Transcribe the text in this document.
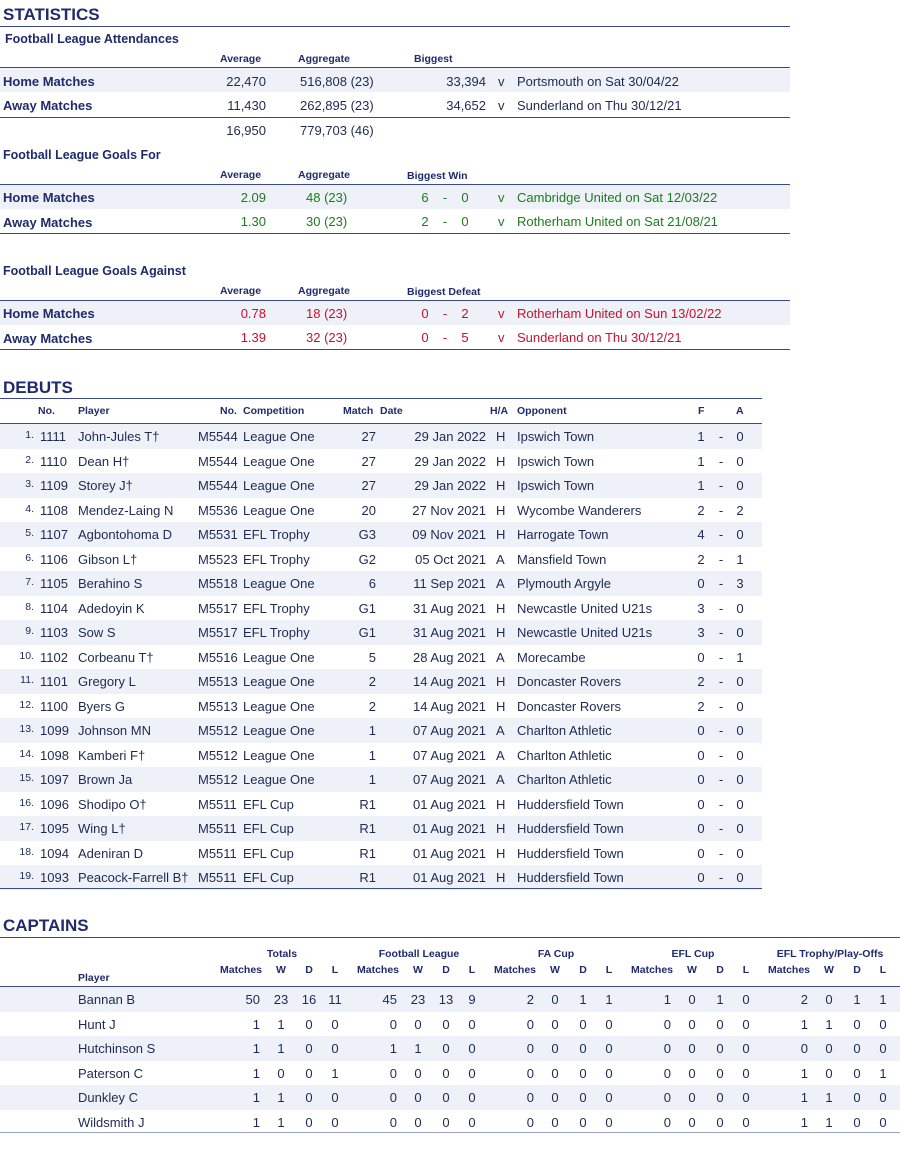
STATISTICS
Football League Attendances
Average	Aggregate	Biggest
Home Matches	22,470	516,808 (23)	33,394 v Portsmouth on Sat 30/04/22
Away Matches	11,430	262,895 (23)	34,652 v Sunderland on Thu 30/12/21
16,950	779,703 (46)
Football League Goals For
Average	Aggregate	Biggest Win
Home Matches	2.09	48 (23)	6	-	0 v Cambridge United on Sat 12/03/22
Away Matches	1.30	30 (23)	2	-	0 v Rotherham United on Sat 21/08/21
Football League Goals Against
Average	Aggregate	Biggest Defeat
Home Matches	0.78	18 (23)	0	-	2 v Rotherham United on Sun 13/02/22
Away Matches	1.39	32 (23)	0	-	5 v Sunderland on Thu 30/12/21
DEBUTS
No. Player	No. Competition	Match Date	H/A Opponent	F	A
1. 1111 John-Jules T†	M5544 League One	27	29 Jan 2022 H Ipswich Town	1	-	0
2. 1110 Dean H†	M5544 League One	27	29 Jan 2022 H Ipswich Town	1	-	0
3. 1109 Storey J†	M5544 League One	27	29 Jan 2022 H Ipswich Town	1	-	0
4. 1108 Mendez-Laing N	M5536 League One	20	27 Nov 2021 H Wycombe Wanderers	2	-	2
5. 1107 Agbontohoma D	M5531 EFL Trophy	G3	09 Nov 2021 H Harrogate Town	4	-	0
6. 1106 Gibson L†	M5523 EFL Trophy	G2	05 Oct 2021 A Mansfield Town	2	-	1
7. 1105 Berahino S	M5518 League One	6	11 Sep 2021 A Plymouth Argyle	0	-	3
8. 1104 Adedoyin K	M5517 EFL Trophy	G1	31 Aug 2021 H Newcastle United U21s	3	-	0
9. 1103 Sow S	M5517 EFL Trophy	G1	31 Aug 2021 H Newcastle United U21s	3	-	0
10. 1102 Corbeanu T†	M5516 League One	5	28 Aug 2021 A Morecambe	0	-	1
11. 1101 Gregory L	M5513 League One	2	14 Aug 2021 H Doncaster Rovers	2	-	0
12. 1100 Byers G	M5513 League One	2	14 Aug 2021 H Doncaster Rovers	2	-	0
13. 1099 Johnson MN	M5512 League One	1	07 Aug 2021 A Charlton Athletic	0	-	0
14. 1098 Kamberi F†	M5512 League One	1	07 Aug 2021 A Charlton Athletic	0	-	0
15. 1097 Brown Ja	M5512 League One	1	07 Aug 2021 A Charlton Athletic	0	-	0
16. 1096 Shodipo O†	M5511 EFL Cup	R1	01 Aug 2021 H Huddersfield Town	0	-	0
17. 1095 Wing L†	M5511 EFL Cup	R1	01 Aug 2021 H Huddersfield Town	0	-	0
18. 1094 Adeniran D	M5511 EFL Cup	R1	01 Aug 2021 H Huddersfield Town	0	-	0
19. 1093 Peacock-Farrell B† M5511 EFL Cup	R1	01 Aug 2021 H Huddersfield Town	0	-	0
CAPTAINS
Totals	Football League	FA Cup	EFL Cup	EFL Trophy/Play-Offs
Player
Matches	W	D	L	Matches	W	D	L	Matches	W	D	L	Matches	W	D	L	Matches	W	D	L
Bannan B	50 23 16 11	45 23 13	9	2	0	1	1	1	0	1	0	2	0	1	1
Hunt J	1	1	0	0	0	0	0	0	0	0	0	0	0	0	0	0	1	1	0	0
Hutchinson S	1	1	0	0	1	1	0	0	0	0	0	0	0	0	0	0	0	0	0	0
Paterson C	1	0	0	1	0	0	0	0	0	0	0	0	0	0	0	0	1	0	0	1
Dunkley C	1	1	0	0	0	0	0	0	0	0	0	0	0	0	0	0	1	1	0	0
Wildsmith J	1	1	0	0	0	0	0	0	0	0	0	0	0	0	0	0	1	1	0	0
